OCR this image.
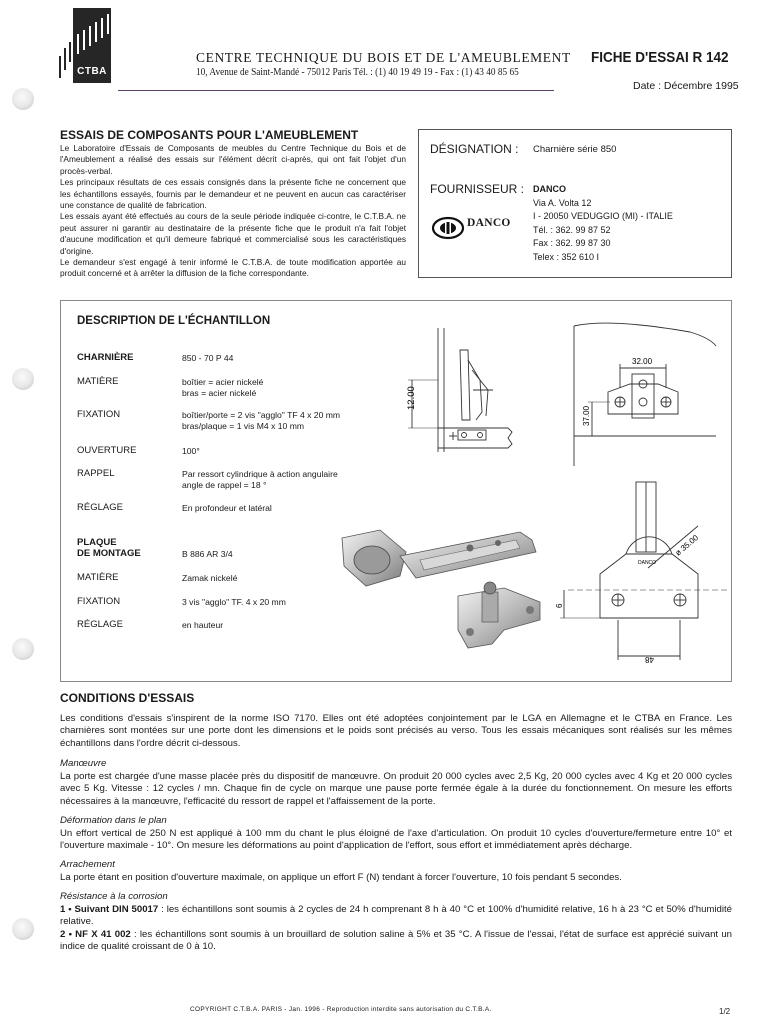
CTBA
CENTRE TECHNIQUE DU BOIS ET DE L'AMEUBLEMENT
10, Avenue de Saint-Mandé - 75012 Paris Tél. : (1) 40 19 49 19 - Fax : (1) 43 40 85 65
FICHE D'ESSAI R 142
Date : Décembre 1995
ESSAIS DE COMPOSANTS POUR L'AMEUBLEMENT

Le Laboratoire d'Essais de Composants de meubles du Centre Technique du Bois et de l'Ameublement a réalisé des essais sur l'élément décrit ci-après, qui ont fait l'objet d'un procès-verbal.

Les principaux résultats de ces essais consignés dans la présente fiche ne concernent que les échantillons essayés, fournis par le demandeur et ne peuvent en aucun cas caractériser une constance de qualité de fabrication.

Les essais ayant été effectués au cours de la seule période indiquée ci-contre, le C.T.B.A. ne peut assurer ni garantir au destinataire de la présente fiche que le produit n'a fait l'objet d'aucune modification et qu'il demeure fabriqué et commercialisé sous les caractéristiques d'origine.

Le demandeur s'est engagé à tenir informé le C.T.B.A. de toute modification apportée au produit concerné et à arrêter la diffusion de la fiche correspondante.

DÉSIGNATION : Charnière série 850
FOURNISSEUR :
DANCO
DANCO
Via A. Volta 12
I - 20050 VEDUGGIO (MI) - ITALIE
Tél. : 362. 99 87 52
Fax : 362. 99 87 30
Telex : 352 610 I
DESCRIPTION DE L'ÉCHANTILLON
CHARNIÈRE	850 - 70 P 44
MATIÈRE	boîtier = acier nickelé
bras = acier nickelé
FIXATION	boîtier/porte = 2 vis "agglo" TF 4 x 20 mm
bras/plaque = 1 vis M4 x 10 mm
OUVERTURE	100°
RAPPEL	Par ressort cylindrique à action angulaire
angle de rappel = 18 °
RÉGLAGE	En profondeur et latéral
PLAQUE
DE MONTAGE	B 886 AR 3/4
MATIÈRE	Zamak nickelé
FIXATION	3 vis "agglo" TF. 4 x 20 mm
RÉGLAGE	en hauteur
12.00
32.00
37.00
DANCO
ø 35.00
6
48
CONDITIONS D'ESSAIS
Les conditions d'essais s'inspirent de la norme ISO 7170. Elles ont été adoptées conjointement par le LGA en Allemagne et le CTBA en France. Les charnières sont montées sur une porte dont les dimensions et le poids sont précisés au verso. Tous les essais mécaniques sont réalisés sur les mêmes échantillons dans l'ordre décrit ci-dessous.
Manœuvre
La porte est chargée d'une masse placée près du dispositif de manœuvre. On produit 20 000 cycles avec 2,5 Kg, 20 000 cycles avec 4 Kg et 20 000 cycles avec 5 Kg. Vitesse : 12 cycles / mn. Chaque fin de cycle on marque une pause porte fermée égale à la durée du fonctionnement. On mesure les efforts nécessaires à la manœuvre, l'efficacité du ressort de rappel et l'affaissement de la porte.
Déformation dans le plan
Un effort vertical de 250 N est appliqué à 100 mm du chant le plus éloigné de l'axe d'articulation. On produit 10 cycles d'ouverture/fermeture entre 10° et l'ouverture maximale - 10°. On mesure les déformations au point d'application de l'effort, sous effort et immédiatement après décharge.
Arrachement
La porte étant en position d'ouverture maximale, on applique un effort F (N) tendant à forcer l'ouverture, 10 fois pendant 5 secondes.
Résistance à la corrosion
1 • Suivant DIN 50017 : les échantillons sont soumis à 2 cycles de 24 h comprenant 8 h à 40 °C et 100% d'humidité relative, 16 h à 23 °C et 50% d'humidité relative.
2 • NF X 41 002 : les échantillons sont soumis à un brouillard de solution saline à 5% et 35 °C. A l'issue de l'essai, l'état de surface est apprécié suivant un indice de qualité croissant de 0 à 10.
COPYRIGHT C.T.B.A. PARIS - Jan. 1996 - Reproduction interdite sans autorisation du C.T.B.A.	1/2
